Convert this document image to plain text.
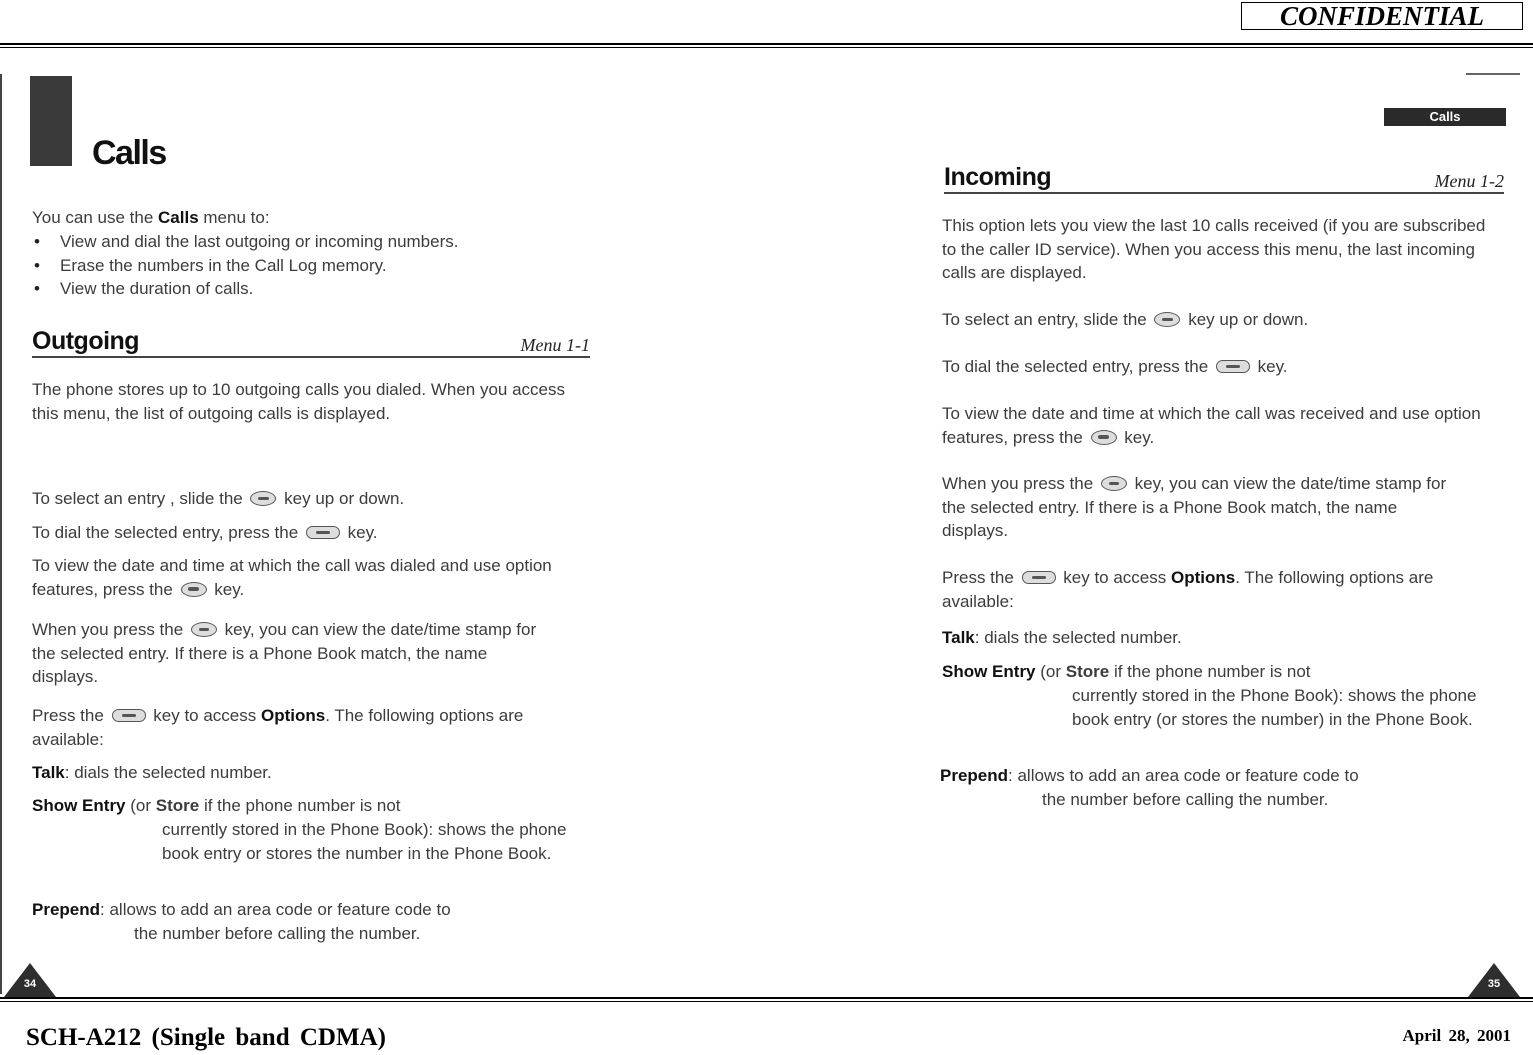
CONFIDENTIAL
Calls

You can use the Calls menu to:

• View and dial the last outgoing or incoming numbers.
• Erase the numbers in the Call Log memory.
• View the duration of calls.
Outgoing	Menu 1-1

The phone stores up to 10 outgoing calls you dialed. When you access this menu, the list of outgoing calls is displayed.

To select an entry , slide the  key up or down.

To dial the selected entry, press the  key.

To view the date and time at which the call was dialed and use option features, press the  key.

When you press the  key, you can view the date/time stamp for the selected entry. If there is a Phone Book match, the name displays.

Press the  key to access Options. The following options are available:

Talk: dials the selected number.

Show Entry (or Store if the phone number is not

currently stored in the Phone Book): shows the phone book entry or stores the number in the Phone Book.

Prepend: allows to add an area code or feature code to

the number before calling the number.

34
Calls
Incoming	Menu 1-2

This option lets you view the last 10 calls received (if you are subscribed to the caller ID service). When you access this menu, the last incoming calls are displayed.

To select an entry, slide the  key up or down.

To dial the selected entry, press the  key.

To view the date and time at which the call was received and use option features, press the  key.

When you press the  key, you can view the date/time stamp for the selected entry. If there is a Phone Book match, the name displays.

Press the  key to access Options. The following options are available:

Talk: dials the selected number.

Show Entry (or Store if the phone number is not

currently stored in the Phone Book): shows the phone book entry (or stores the number) in the Phone Book.

Prepend: allows to add an area code or feature code to

the number before calling the number.

35

SCH-A212 (Single band CDMA)	April 28, 2001
